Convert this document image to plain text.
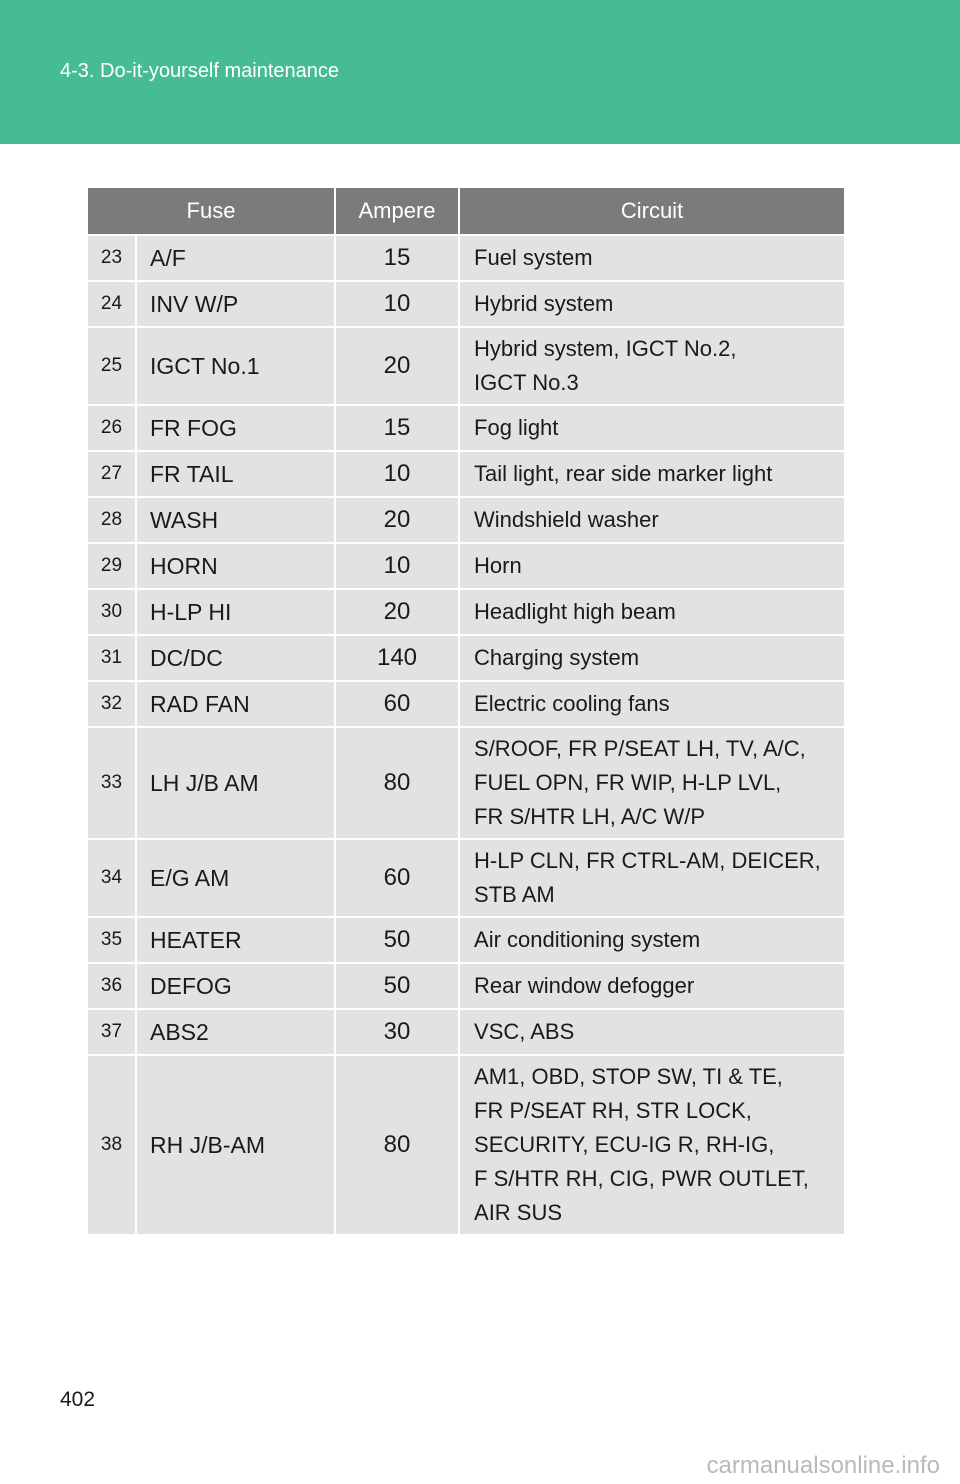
4-3. Do-it-yourself maintenance
Fuse		Ampere	Circuit
23	A/F	15	Fuel system
24	INV W/P	10	Hybrid system
25	IGCT No.1	20	Hybrid system, IGCT No.2,
IGCT No.3
26	FR FOG	15	Fog light
27	FR TAIL	10	Tail light, rear side marker light
28	WASH	20	Windshield washer
29	HORN	10	Horn
30	H-LP HI	20	Headlight high beam
31	DC/DC	140	Charging system
32	RAD FAN	60	Electric cooling fans
33	LH J/B AM	80	S/ROOF, FR P/SEAT LH, TV, A/C,
FUEL OPN, FR WIP, H-LP LVL,
FR S/HTR LH, A/C W/P
34	E/G AM	60	H-LP CLN, FR CTRL-AM, DEICER,
STB AM
35	HEATER	50	Air conditioning system
36	DEFOG	50	Rear window defogger
37	ABS2	30	VSC, ABS
38	RH J/B-AM	80	AM1, OBD, STOP SW, TI & TE,
FR P/SEAT RH, STR LOCK,
SECURITY, ECU-IG R, RH-IG,
F S/HTR RH, CIG, PWR OUTLET,
AIR SUS
402
carmanualsonline.info
